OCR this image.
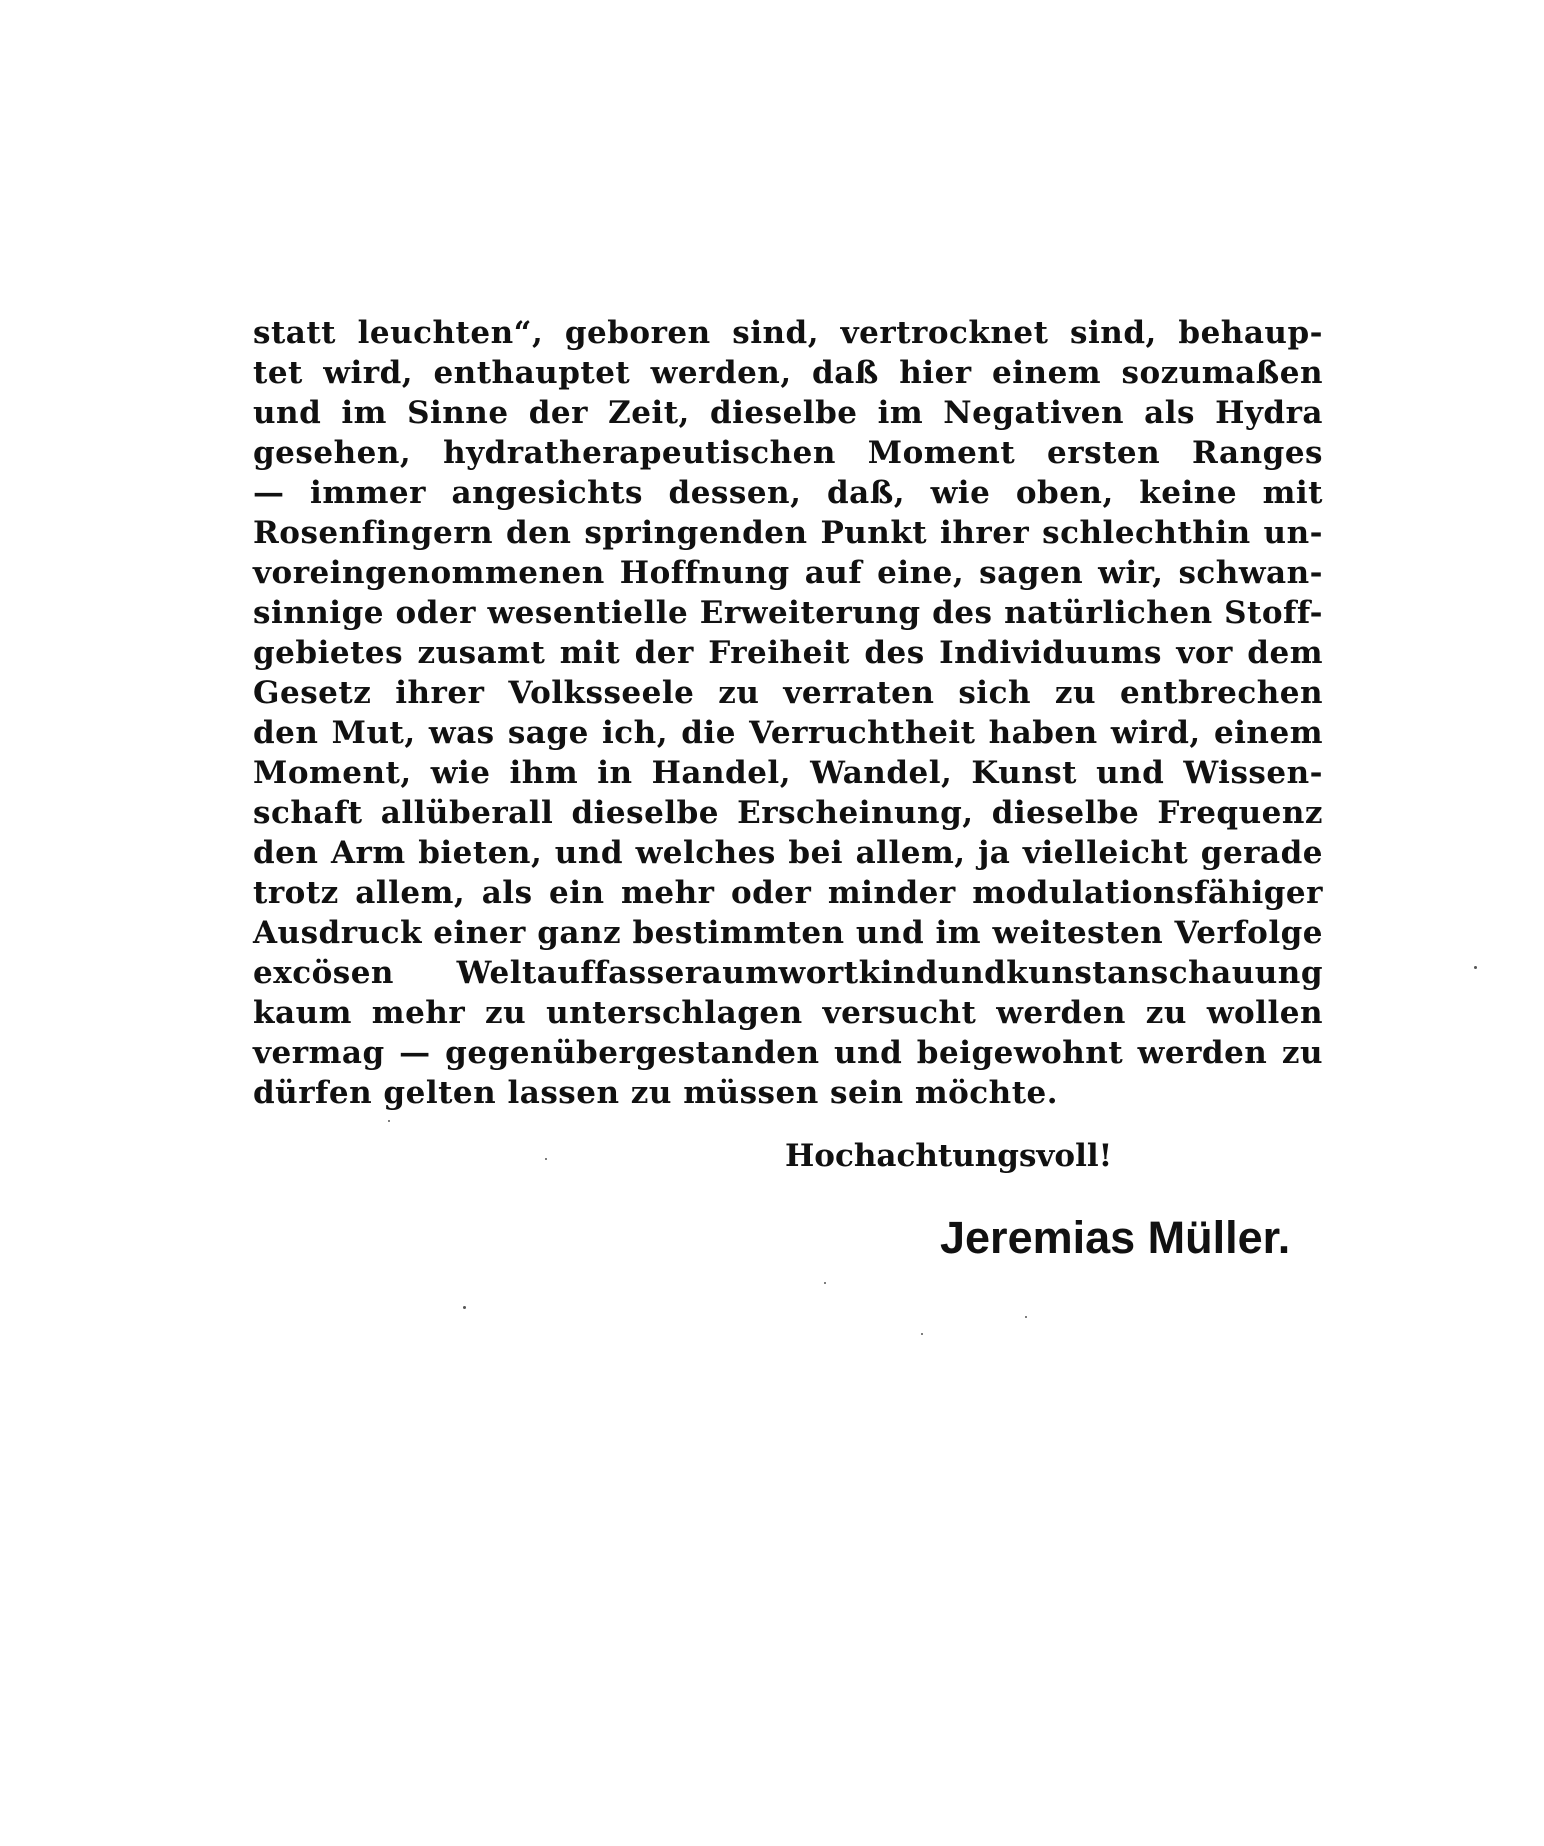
statt leuchten“, geboren sind, vertrocknet sind, behaup-
tet wird, enthauptet werden, daß hier einem sozumaßen
und im Sinne der Zeit, dieselbe im Negativen als Hydra
gesehen, hydratherapeutischen Moment ersten Ranges
— immer angesichts dessen, daß, wie oben, keine mit
Rosenfingern den springenden Punkt ihrer schlechthin un-
voreingenommenen Hoffnung auf eine, sagen wir, schwan-
sinnige oder wesentielle Erweiterung des natürlichen Stoff-
gebietes zusamt mit der Freiheit des Individuums vor dem
Gesetz ihrer Volksseele zu verraten sich zu entbrechen
den Mut, was sage ich, die Verruchtheit haben wird, einem
Moment, wie ihm in Handel, Wandel, Kunst und Wissen-
schaft allüberall dieselbe Erscheinung, dieselbe Frequenz
den Arm bieten, und welches bei allem, ja vielleicht gerade
trotz allem, als ein mehr oder minder modulationsfähiger
Ausdruck einer ganz bestimmten und im weitesten Verfolge
excösen Weltauffasseraumwortkindundkunstanschauung
kaum mehr zu unterschlagen versucht werden zu wollen
vermag — gegenübergestanden und beigewohnt werden zu
dürfen gelten lassen zu müssen sein möchte.
Hochachtungsvoll!
Jeremias Müller.
